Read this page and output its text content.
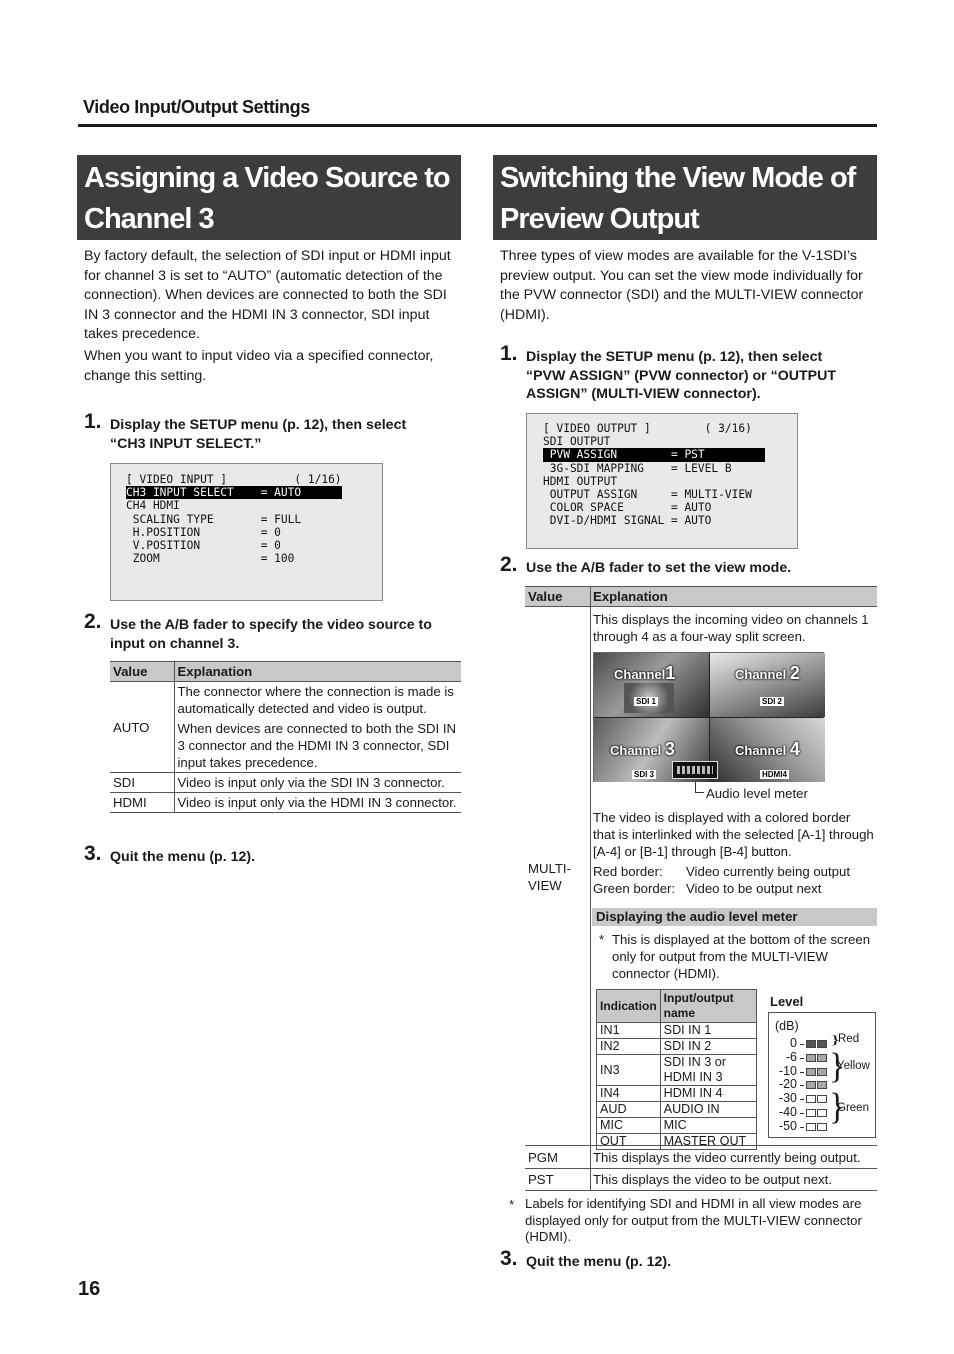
Video Input/Output Settings
Assigning a Video Source to
Channel 3

By factory default, the selection of SDI input or HDMI input for channel 3 is set to “AUTO” (automatic detection of the connection). When devices are connected to both the SDI IN 3 connector and the HDMI IN 3 connector, SDI input takes precedence.

When you want to input video via a specified connector, change this setting.

1. Display the SETUP menu (p. 12), then select
“CH3 INPUT SELECT.”
[ VIDEO INPUT ]          ( 1/16)
CH3 INPUT SELECT    = AUTO
CH4 HDMI
SCALING TYPE       = FULL
H.POSITION         = 0
V.POSITION         = 0
ZOOM               = 100
2. Use the A/B fader to specify the video source to
input on channel 3.
Value	Explanation
AUTO	The connector where the connection is made is automatically detected and video is output.
When devices are connected to both the SDI IN 3 connector and the HDMI IN 3 connector, SDI input takes precedence.

SDI	Video is input only via the SDI IN 3 connector.
HDMI	Video is input only via the HDMI IN 3 connector.
3. Quit the menu (p. 12).
Switching the View Mode of
Preview Output

Three types of view modes are available for the V-1SDI’s preview output. You can set the view mode individually for the PVW connector (SDI) and the MULTI-VIEW connector (HDMI).

1. Display the SETUP menu (p. 12), then select
“PVW ASSIGN” (PVW connector) or “OUTPUT
ASSIGN” (MULTI-VIEW connector).
[ VIDEO OUTPUT ]        ( 3/16)
SDI OUTPUT
PVW ASSIGN        = PST
3G-SDI MAPPING    = LEVEL B
HDMI OUTPUT
OUTPUT ASSIGN     = MULTI-VIEW
COLOR SPACE       = AUTO
DVI-D/HDMI SIGNAL = AUTO
2. Use the A/B fader to set the view mode.
Value Explanation
MULTI-
VIEW
This displays the incoming video on channels 1 through 4 as a four-way split screen.
Channel1
SDI 1
Channel 2
SDI 2
Channel 3
SDI 3
Channel 4
HDMI4
Audio level meter
The video is displayed with a colored border that is interlinked with the selected [A-1] through [A-4] or [B-1] through [B-4] button.
Red border: Video currently being output
Green border: Video to be output next
Displaying the audio level meter
* This is displayed at the bottom of the screen only for output from the MULTI-VIEW connector (HDMI).
Indication	Input/output name
IN1	SDI IN 1
IN2	SDI IN 2
IN3	SDI IN 3 or HDMI IN 3
IN4	HDMI IN 4
AUD	AUDIO IN
MIC	MIC
OUT	MASTER OUT
Level
(dB)
0
-6
-10
-20
-30
-40
-50
}
}
}
Red
Yellow
Green
PGM	This displays the video currently being output.
PST	This displays the video to be output next.
* Labels for identifying SDI and HDMI in all view modes are displayed only for output from the MULTI-VIEW connector (HDMI).
3. Quit the menu (p. 12).
16
